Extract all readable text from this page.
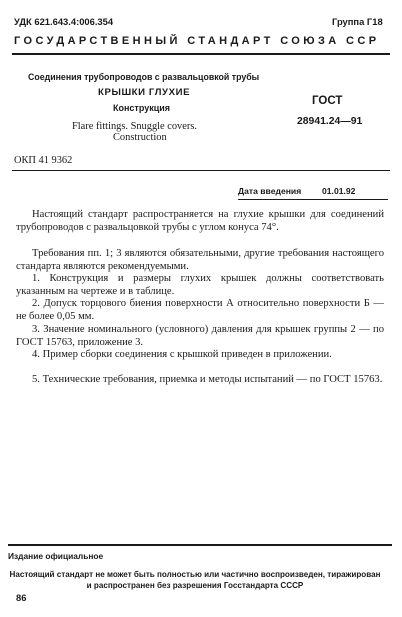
УДК 621.643.4:006.354	Группа Г18
ГОСУДАРСТВЕННЫЙ СТАНДАРТ СОЮЗА ССР
Соединения трубопроводов с развальцовкой трубы
КРЫШКИ ГЛУХИЕ
Конструкция
Flare fittings. Snuggle covers.
Construction
ГОСТ
28941.24—91
ОКП 41 9362
Дата введения 01.01.92
Настоящий стандарт распространяется на глухие крышки для соединений трубопроводов с развальцовкой трубы с углом конуса 74°.
Требования пп. 1; 3 являются обязательными, другие требования настоящего стандарта являются рекомендуемыми.
1. Конструкция и размеры глухих крышек должны соответствовать указанным на чертеже и в таблице.
2. Допуск торцового биения поверхности А относительно поверхности Б — не более 0,05 мм.
3. Значение номинального (условного) давления для крышек группы 2 — по ГОСТ 15763, приложение 3.
4. Пример сборки соединения с крышкой приведен в приложении.
5. Технические требования, приемка и методы испытаний — по ГОСТ 15763.
Издание официальное
Настоящий стандарт не может быть полностью или частично воспроизведен, тиражирован и распространен без разрешения Госстандарта СССР
86
